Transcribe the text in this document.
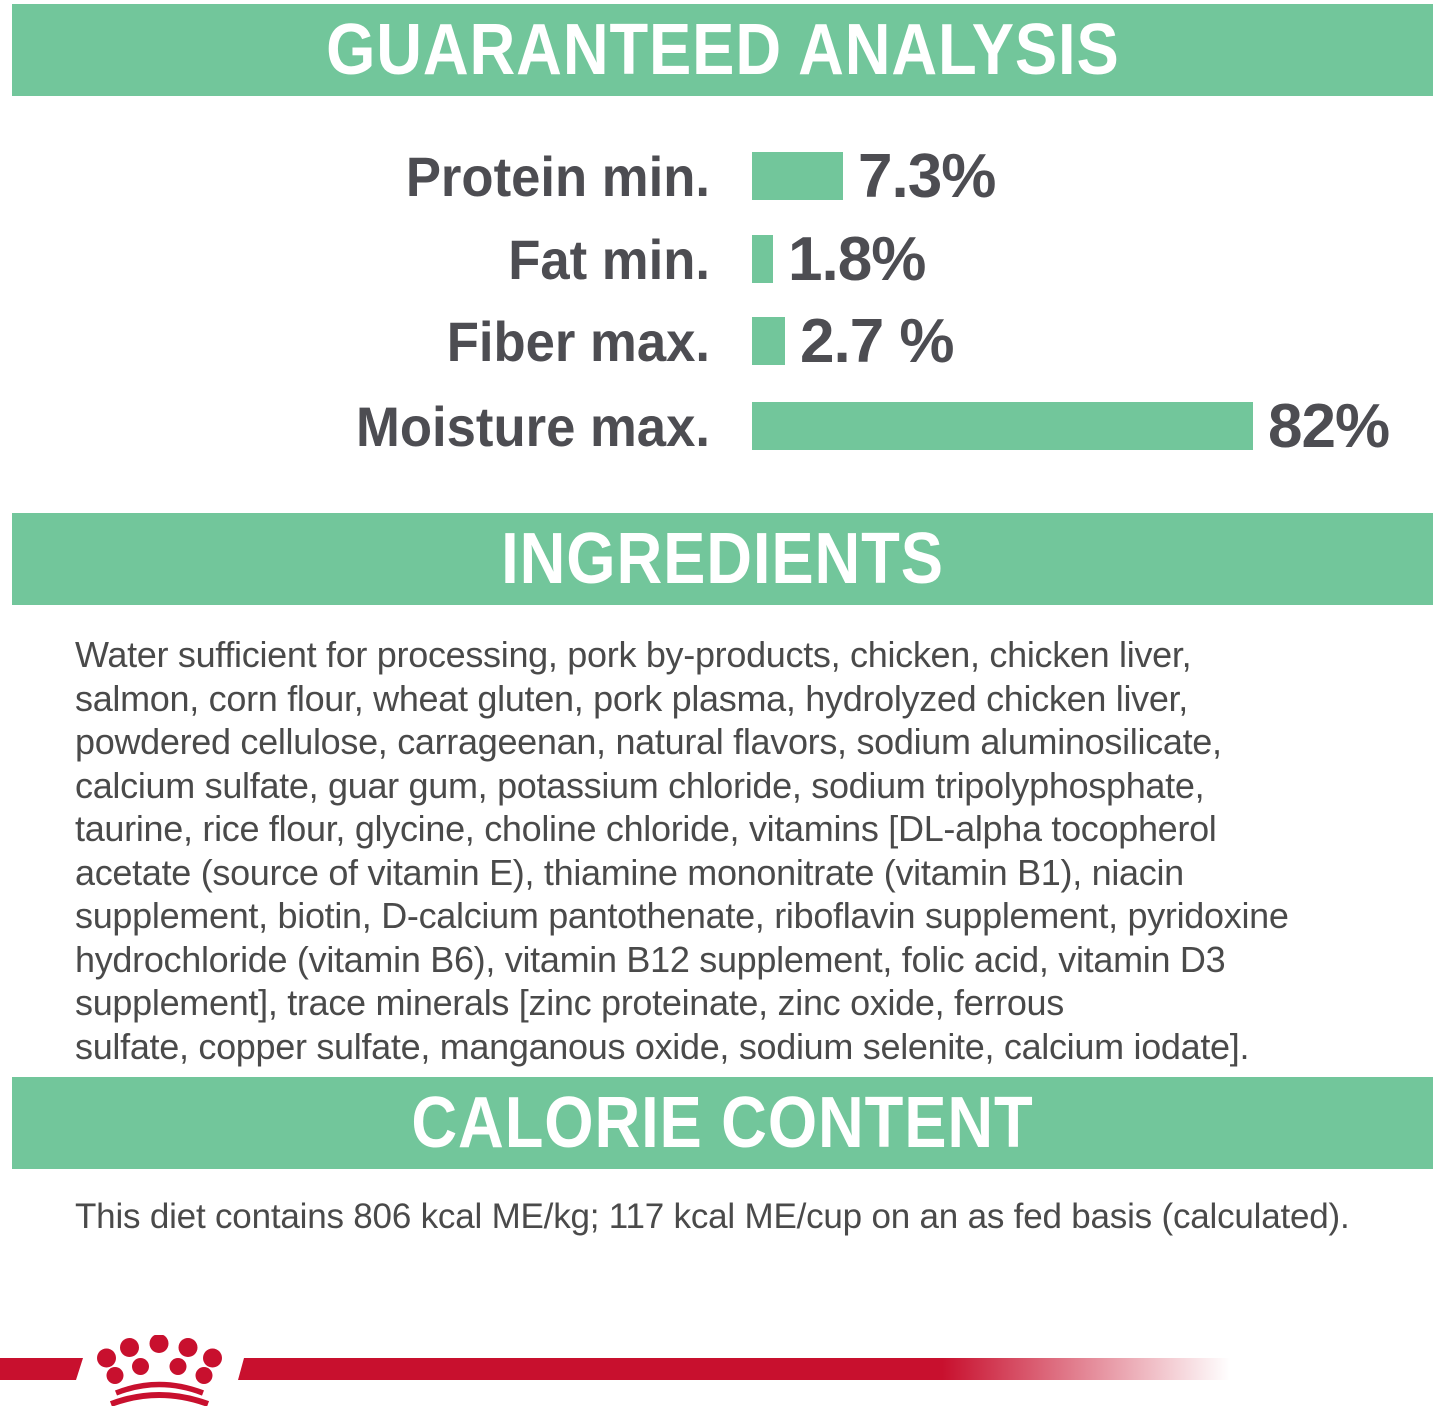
GUARANTEED ANALYSIS
Protein min. 7.3%
Fat min. 1.8%
Fiber max. 2.7 %
Moisture max.	82%
INGREDIENTS
Water sufficient for processing, pork by-products, chicken, chicken liver,
salmon, corn flour, wheat gluten, pork plasma, hydrolyzed chicken liver,
powdered cellulose, carrageenan, natural flavors, sodium aluminosilicate,
calcium sulfate, guar gum, potassium chloride, sodium tripolyphosphate,
taurine, rice flour, glycine, choline chloride, vitamins [DL-alpha tocopherol
acetate (source of vitamin E), thiamine mononitrate (vitamin B1), niacin
supplement, biotin, D-calcium pantothenate, riboflavin supplement, pyridoxine
hydrochloride (vitamin B6), vitamin B12 supplement, folic acid, vitamin D3
supplement], trace minerals [zinc proteinate, zinc oxide, ferrous
sulfate, copper sulfate, manganous oxide, sodium selenite, calcium iodate].
CALORIE CONTENT
This diet contains 806 kcal ME/kg; 117 kcal ME/cup on an as fed basis (calculated).
